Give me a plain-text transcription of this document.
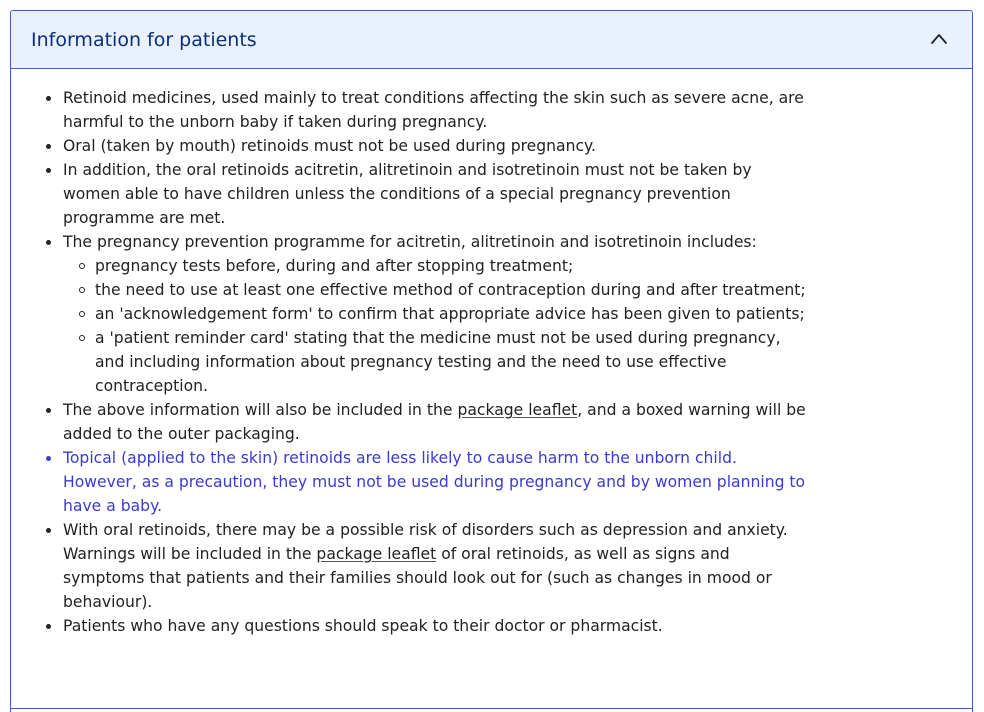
Information for patients
Retinoid medicines, used mainly to treat conditions affecting the skin such as severe acne, are harmful to the unborn baby if taken during pregnancy.
Oral (taken by mouth) retinoids must not be used during pregnancy.
In addition, the oral retinoids acitretin, alitretinoin and isotretinoin must not be taken by women able to have children unless the conditions of a special pregnancy prevention programme are met.
The pregnancy prevention programme for acitretin, alitretinoin and isotretinoin includes:
pregnancy tests before, during and after stopping treatment;
the need to use at least one effective method of contraception during and after treatment;
an 'acknowledgement form' to confirm that appropriate advice has been given to patients;
a 'patient reminder card' stating that the medicine must not be used during pregnancy, and including information about pregnancy testing and the need to use effective contraception.
The above information will also be included in the package leaflet, and a boxed warning will be added to the outer packaging.
Topical (applied to the skin) retinoids are less likely to cause harm to the unborn child. However, as a precaution, they must not be used during pregnancy and by women planning to have a baby.
With oral retinoids, there may be a possible risk of disorders such as depression and anxiety. Warnings will be included in the package leaflet of oral retinoids, as well as signs and symptoms that patients and their families should look out for (such as changes in mood or behaviour).
Patients who have any questions should speak to their doctor or pharmacist.
